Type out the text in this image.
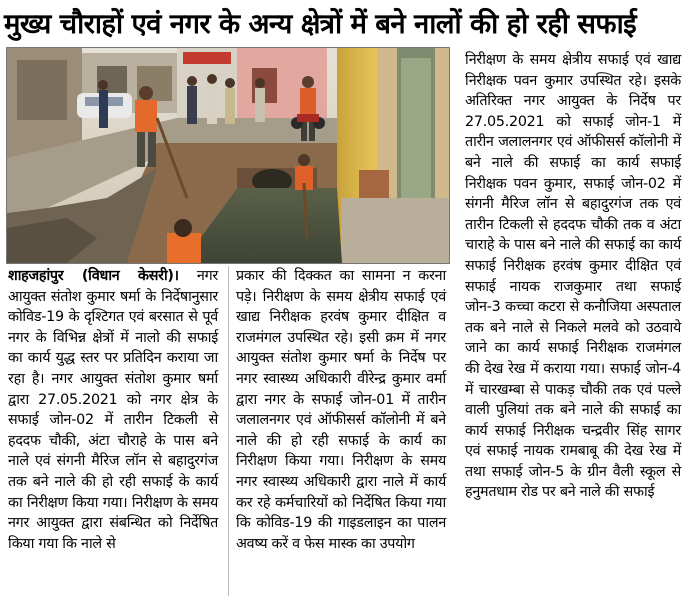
मुख्य चौराहों एवं नगर के अन्य क्षेत्रों में बने नालों की हो रही सफाई

शाहजहांपुर (विधान केसरी)। नगर आयुक्त संतोश कुमार षर्मा के निर्देषानुसार कोविड-19 के दृश्टिगत एवं बरसात से पूर्व नगर के विभिन्न क्षेत्रों में नालो की सफाई का कार्य युद्ध स्तर पर प्रतिदिन कराया जा रहा है। नगर आयुक्त संतोश कुमार षर्मा द्वारा 27.05.2021 को नगर क्षेत्र के सफाई जोन-02 में तारीन टिकली से हददफ चौकी, अंटा चौराहे के पास बने नाले एवं संगनी मैरिज लॉन से बहादुरगंज तक बने नाले की हो रही सफाई के कार्य का निरीक्षण किया गया। निरीक्षण के समय नगर आयुक्त द्वारा संबन्धित को निर्देषित किया गया कि नाले से

प्रकार की दिक्कत का सामना न करना पड़े। निरीक्षण के समय क्षेत्रीय सफाई एवं खाद्य निरीक्षक हरवंष कुमार दीक्षित व राजमंगल उपस्थित रहे। इसी क्रम में नगर आयुक्त संतोश कुमार षर्मा के निर्देष पर नगर स्वास्थ्य अधिकारी वीरेन्द्र कुमार वर्मा द्वारा नगर के सफाई जोन-01 में तारीन जलालनगर एवं ऑफीसर्स कॉलोनी में बने नाले की हो रही सफाई के कार्य का निरीक्षण किया गया। निरीक्षण के समय नगर स्वास्थ्य अधिकारी द्वारा नाले में कार्य कर रहे कर्मचारियों को निर्देषित किया गया कि कोविड-19 की गाइडलाइन का पालन अवष्य करें व फेस मास्क का उपयोग

निरीक्षण के समय क्षेत्रीय सफाई एवं खाद्य निरीक्षक पवन कुमार उपस्थित रहे। इसके अतिरिक्त नगर आयुक्त के निर्देष पर 27.05.2021 को सफाई जोन-1 में तारीन जलालनगर एवं ऑफीसर्स कॉलोनी में बने नाले की सफाई का कार्य सफाई निरीक्षक पवन कुमार, सफाई जोन-02 में संगनी मैरिज लॉन से बहादुरगंज तक एवं तारीन टिकली से हददफ चौकी तक व अंटा चाराहे के पास बने नाले की सफाई का कार्य सफाई निरीक्षक हरवंष कुमार दीक्षित एवं सफाई नायक राजकुमार तथा सफाई जोन-3 कच्चा कटरा से कनौजिया अस्पताल तक बने नाले से निकले मलवे को उठवाये जाने का कार्य सफाई निरीक्षक राजमंगल की देख रेख में कराया गया। सफाई जोन-4 में चारखम्बा से पाकड़ चौकी तक एवं पल्ले वाली पुलियां तक बने नाले की सफाई का कार्य सफाई निरीक्षक चन्द्रवीर सिंह सागर एवं सफाई नायक रामबाबू की देख रेख में तथा सफाई जोन-5 के ग्रीन वैली स्कूल से हनुमतधाम रोड पर बने नाले की सफाई
